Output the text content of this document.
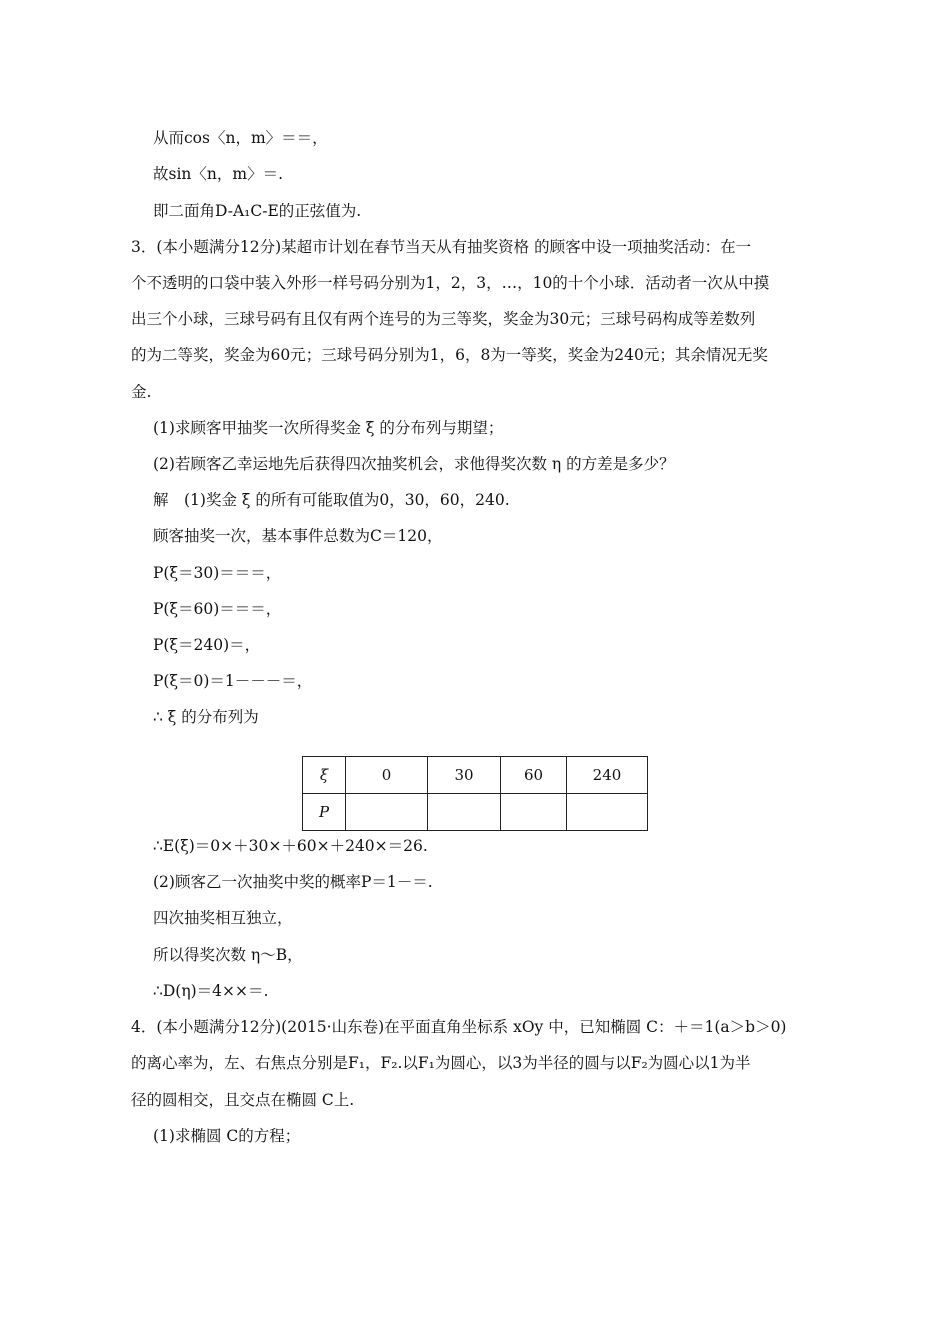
从而cos〈n，m〉＝＝，
故sin〈n，m〉＝.
即二面角D-A₁C-E的正弦值为.
3．(本小题满分12分)某超市计划在春节当天从有抽奖资格 的顾客中设一项抽奖活动：在一
个不透明的口袋中装入外形一样号码分别为1，2，3，…，10的十个小球．活动者一次从中摸
出三个小球，三球号码有且仅有两个连号的为三等奖，奖金为30元；三球号码构成等差数列
的为二等奖，奖金为60元；三球号码分别为1，6，8为一等奖，奖金为240元；其余情况无奖
金.
(1)求顾客甲抽奖一次所得奖金 ξ 的分布列与期望；
(2)若顾客乙幸运地先后获得四次抽奖机会，求他得奖次数 η 的方差是多少？
解　(1)奖金 ξ 的所有可能取值为0，30，60，240.
顾客抽奖一次，基本事件总数为C＝120，
P(ξ＝30)＝＝＝，
P(ξ＝60)＝＝＝，
P(ξ＝240)＝，
P(ξ＝0)＝1－－－＝，
∴ ξ 的分布列为
ξ	0	30	60	240
P				
∴E(ξ)＝0×＋30×＋60×＋240×＝26.
(2)顾客乙一次抽奖中奖的概率P＝1－＝.
四次抽奖相互独立，
所以得奖次数 η～B，
∴D(η)＝4××＝.
4．(本小题满分12分)(2015·山东卷)在平面直角坐标系 xOy 中，已知椭圆 C：＋＝1(a＞b＞0)
的离心率为，左、右焦点分别是F₁，F₂.以F₁为圆心，以3为半径的圆与以F₂为圆心以1为半
径的圆相交，且交点在椭圆 C上.
(1)求椭圆 C的方程；
